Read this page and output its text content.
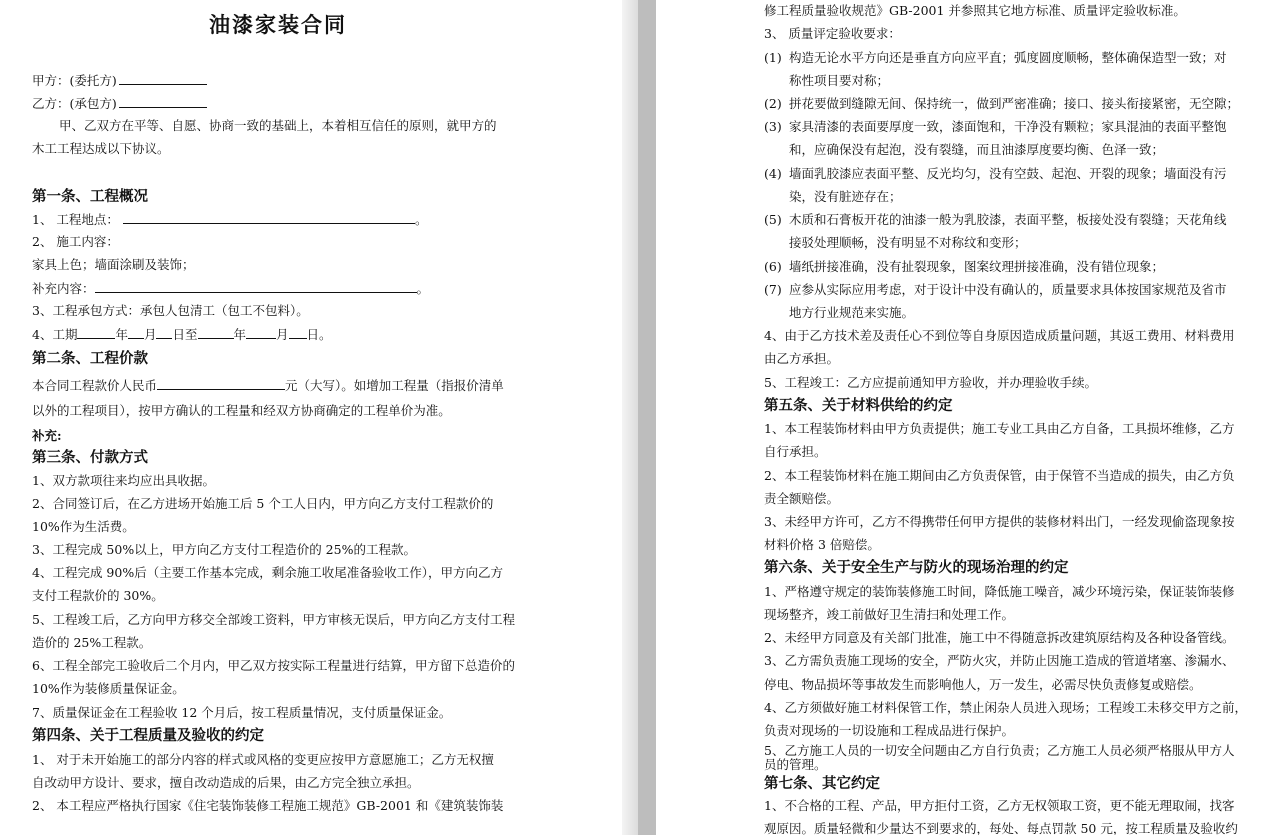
油漆家装合同
甲方：(委托方)
乙方：(承包方)
甲、乙双方在平等、自愿、协商一致的基础上，本着相互信任的原则，就甲方的
木工工程达成以下协议。
第一条、工程概况
1、 工程地点：	。
2、 施工内容：
家具上色；墙面涂刷及装饰；
补充内容：	。
3、工程承包方式：承包人包清工（包工不包料）。
4、工期	年 月 日至	年 月 日。
第二条、工程价款
本合同工程款价人民币	元（大写）。如增加工程量（指报价清单
以外的工程项目），按甲方确认的工程量和经双方协商确定的工程单价为准。
补充:
第三条、付款方式
1、双方款项往来均应出具收据。
2、合同签订后，在乙方进场开始施工后 5 个工人日内，甲方向乙方支付工程款价的
10%作为生活费。
3、工程完成 50%以上，甲方向乙方支付工程造价的 25%的工程款。
4、工程完成 90%后（主要工作基本完成，剩余施工收尾准备验收工作），甲方向乙方
支付工程款价的 30%。
5、工程竣工后，乙方向甲方移交全部竣工资料，甲方审核无误后，甲方向乙方支付工程
造价的 25%工程款。
6、工程全部完工验收后二个月内，甲乙双方按实际工程量进行结算，甲方留下总造价的
10%作为装修质量保证金。
7、质量保证金在工程验收 12 个月后，按工程质量情况，支付质量保证金。
第四条、关于工程质量及验收的约定
1、 对于未开始施工的部分内容的样式或风格的变更应按甲方意愿施工；乙方无权擅
自改动甲方设计、要求，擅自改动造成的后果，由乙方完全独立承担。
2、 本工程应严格执行国家《住宅装饰装修工程施工规范》GB-2001 和《建筑装饰装
修工程质量验收规范》GB-2001 并参照其它地方标准、质量评定验收标准。
3、 质量评定验收要求：
(1) 构造无论水平方向还是垂直方向应平直；弧度圆度顺畅，整体确保造型一致；对
称性项目要对称；
(2) 拼花要做到缝隙无间、保持统一，做到严密准确；接口、接头衔接紧密，无空隙；
(3) 家具清漆的表面要厚度一致，漆面饱和，干净没有颗粒；家具混油的表面平整饱
和，应确保没有起泡，没有裂缝，而且油漆厚度要均衡、色泽一致；
(4) 墙面乳胶漆应表面平整、反光均匀，没有空鼓、起泡、开裂的现象；墙面没有污
染，没有脏迹存在；
(5) 木质和石膏板开花的油漆一般为乳胶漆，表面平整，板接处没有裂缝；天花角线
接驳处理顺畅，没有明显不对称纹和变形；
(6) 墙纸拼接准确，没有扯裂现象，图案纹理拼接准确，没有错位现象；
(7) 应参从实际应用考虑，对于设计中没有确认的，质量要求具体按国家规范及省市
地方行业规范来实施。
4、由于乙方技术差及责任心不到位等自身原因造成质量问题，其返工费用、材料费用
由乙方承担。
5、工程竣工：乙方应提前通知甲方验收，并办理验收手续。
第五条、关于材料供给的约定
1、本工程装饰材料由甲方负责提供；施工专业工具由乙方自备，工具损坏维修，乙方
自行承担。
2、本工程装饰材料在施工期间由乙方负责保管，由于保管不当造成的损失，由乙方负
责全额赔偿。
3、未经甲方许可，乙方不得携带任何甲方提供的装修材料出门，一经发现偷盗现象按
材料价格 3 倍赔偿。
第六条、关于安全生产与防火的现场治理的约定
1、严格遵守规定的装饰装修施工时间，降低施工噪音，减少环境污染，保证装饰装修
现场整齐，竣工前做好卫生清扫和处理工作。
2、未经甲方同意及有关部门批准，施工中不得随意拆改建筑原结构及各种设备管线。
3、乙方需负责施工现场的安全，严防火灾，并防止因施工造成的管道堵塞、渗漏水、
停电、物品损坏等事故发生而影响他人，万一发生，必需尽快负责修复或赔偿。
4、乙方须做好施工材料保管工作，禁止闲杂人员进入现场；工程竣工未移交甲方之前，
负责对现场的一切设施和工程成品进行保护。
5、乙方施工人员的一切安全问题由乙方自行负责；乙方施工人员必须严格服从甲方人
员的管理。
第七条、其它约定
1、不合格的工程、产品，甲方拒付工资，乙方无权领取工资，更不能无理取闹，找客
观原因。质量轻微和少量达不到要求的，每处、每点罚款 50 元，按工程质量及验收约
